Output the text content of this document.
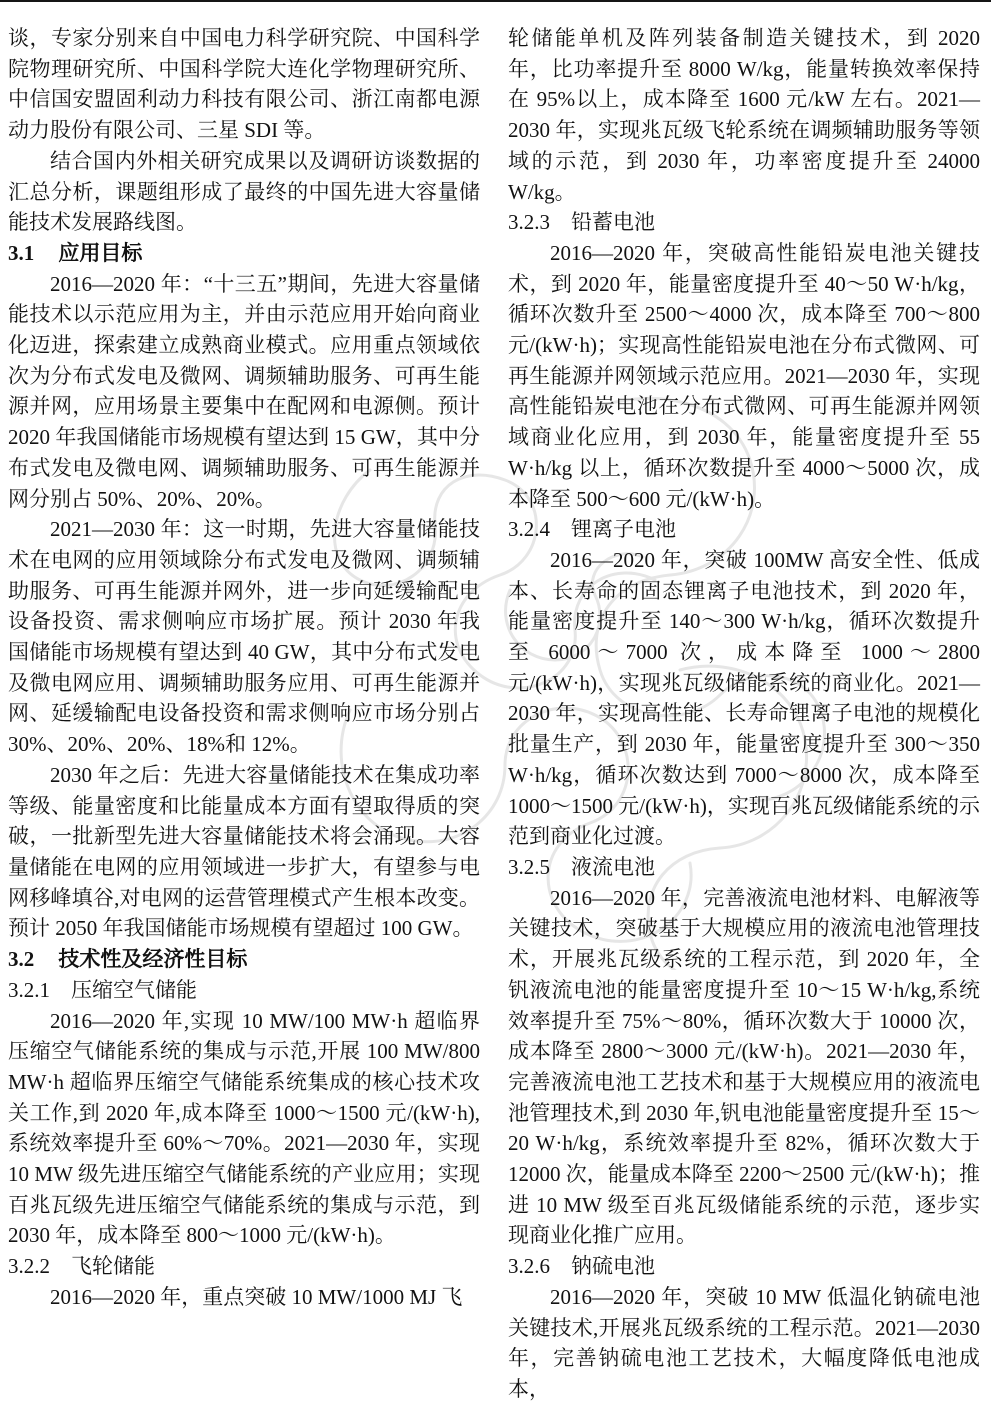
谈，专家分别来自中国电力科学研究院、中国科学院物理研究所、中国科学院大连化学物理研究所、中信国安盟固利动力科技有限公司、浙江南都电源动力股份有限公司、三星 SDI 等。
结合国内外相关研究成果以及调研访谈数据的汇总分析，课题组形成了最终的中国先进大容量储能技术发展路线图。
3.1 应用目标
2016—2020 年：“十三五”期间，先进大容量储能技术以示范应用为主，并由示范应用开始向商业化迈进，探索建立成熟商业模式。应用重点领域依次为分布式发电及微网、调频辅助服务、可再生能源并网，应用场景主要集中在配网和电源侧。预计 2020 年我国储能市场规模有望达到 15 GW，其中分布式发电及微电网、调频辅助服务、可再生能源并网分别占 50%、20%、20%。
2021—2030 年：这一时期，先进大容量储能技术在电网的应用领域除分布式发电及微网、调频辅助服务、可再生能源并网外，进一步向延缓输配电设备投资、需求侧响应市场扩展。预计 2030 年我国储能市场规模有望达到 40 GW，其中分布式发电及微电网应用、调频辅助服务应用、可再生能源并网、延缓输配电设备投资和需求侧响应市场分别占 30%、20%、20%、18%和 12%。
2030 年之后：先进大容量储能技术在集成功率等级、能量密度和比能量成本方面有望取得质的突破，一批新型先进大容量储能技术将会涌现。大容量储能在电网的应用领域进一步扩大，有望参与电网移峰填谷,对电网的运营管理模式产生根本改变。预计 2050 年我国储能市场规模有望超过 100 GW。
3.2 技术性及经济性目标
3.2.1 压缩空气储能
2016—2020 年,实现 10 MW/100 MW·h 超临界压缩空气储能系统的集成与示范,开展 100 MW/800 MW·h 超临界压缩空气储能系统集成的核心技术攻关工作,到 2020 年,成本降至 1000～1500 元/(kW·h),系统效率提升至 60%～70%。2021—2030 年，实现 10 MW 级先进压缩空气储能系统的产业应用；实现百兆瓦级先进压缩空气储能系统的集成与示范，到 2030 年，成本降至 800～1000 元/(kW·h)。
3.2.2 飞轮储能
2016—2020 年，重点突破 10 MW/1000 MJ 飞
轮储能单机及阵列装备制造关键技术，到 2020 年，比功率提升至 8000 W/kg，能量转换效率保持在 95%以上，成本降至 1600 元/kW 左右。2021—2030 年，实现兆瓦级飞轮系统在调频辅助服务等领域的示范，到 2030 年，功率密度提升至 24000 W/kg。
3.2.3 铅蓄电池
2016—2020 年，突破高性能铅炭电池关键技术，到 2020 年，能量密度提升至 40～50 W·h/kg，循环次数升至 2500～4000 次，成本降至 700～800 元/(kW·h)；实现高性能铅炭电池在分布式微网、可再生能源并网领域示范应用。2021—2030 年，实现高性能铅炭电池在分布式微网、可再生能源并网领域商业化应用，到 2030 年，能量密度提升至 55 W·h/kg 以上，循环次数提升至 4000～5000 次，成本降至 500～600 元/(kW·h)。
3.2.4 锂离子电池
2016—2020 年，突破 100MW 高安全性、低成本、长寿命的固态锂离子电池技术，到 2020 年，能量密度提升至 140～300 W·h/kg，循环次数提升至 6000～7000 次，成本降至 1000～2800 元/(kW·h)，实现兆瓦级储能系统的商业化。2021—2030 年，实现高性能、长寿命锂离子电池的规模化批量生产，到 2030 年，能量密度提升至 300～350 W·h/kg，循环次数达到 7000～8000 次，成本降至 1000～1500 元/(kW·h)，实现百兆瓦级储能系统的示范到商业化过渡。
3.2.5 液流电池
2016—2020 年，完善液流电池材料、电解液等关键技术，突破基于大规模应用的液流电池管理技术，开展兆瓦级系统的工程示范，到 2020 年，全钒液流电池的能量密度提升至 10～15 W·h/kg,系统效率提升至 75%～80%，循环次数大于 10000 次，成本降至 2800～3000 元/(kW·h)。2021—2030 年，完善液流电池工艺技术和基于大规模应用的液流电池管理技术,到 2030 年,钒电池能量密度提升至 15～20 W·h/kg，系统效率提升至 82%，循环次数大于 12000 次，能量成本降至 2200～2500 元/(kW·h)；推进 10 MW 级至百兆瓦级储能系统的示范，逐步实现商业化推广应用。
3.2.6 钠硫电池
2016—2020 年，突破 10 MW 低温化钠硫电池关键技术,开展兆瓦级系统的工程示范。2021—2030 年，完善钠硫电池工艺技术，大幅度降低电池成本，
